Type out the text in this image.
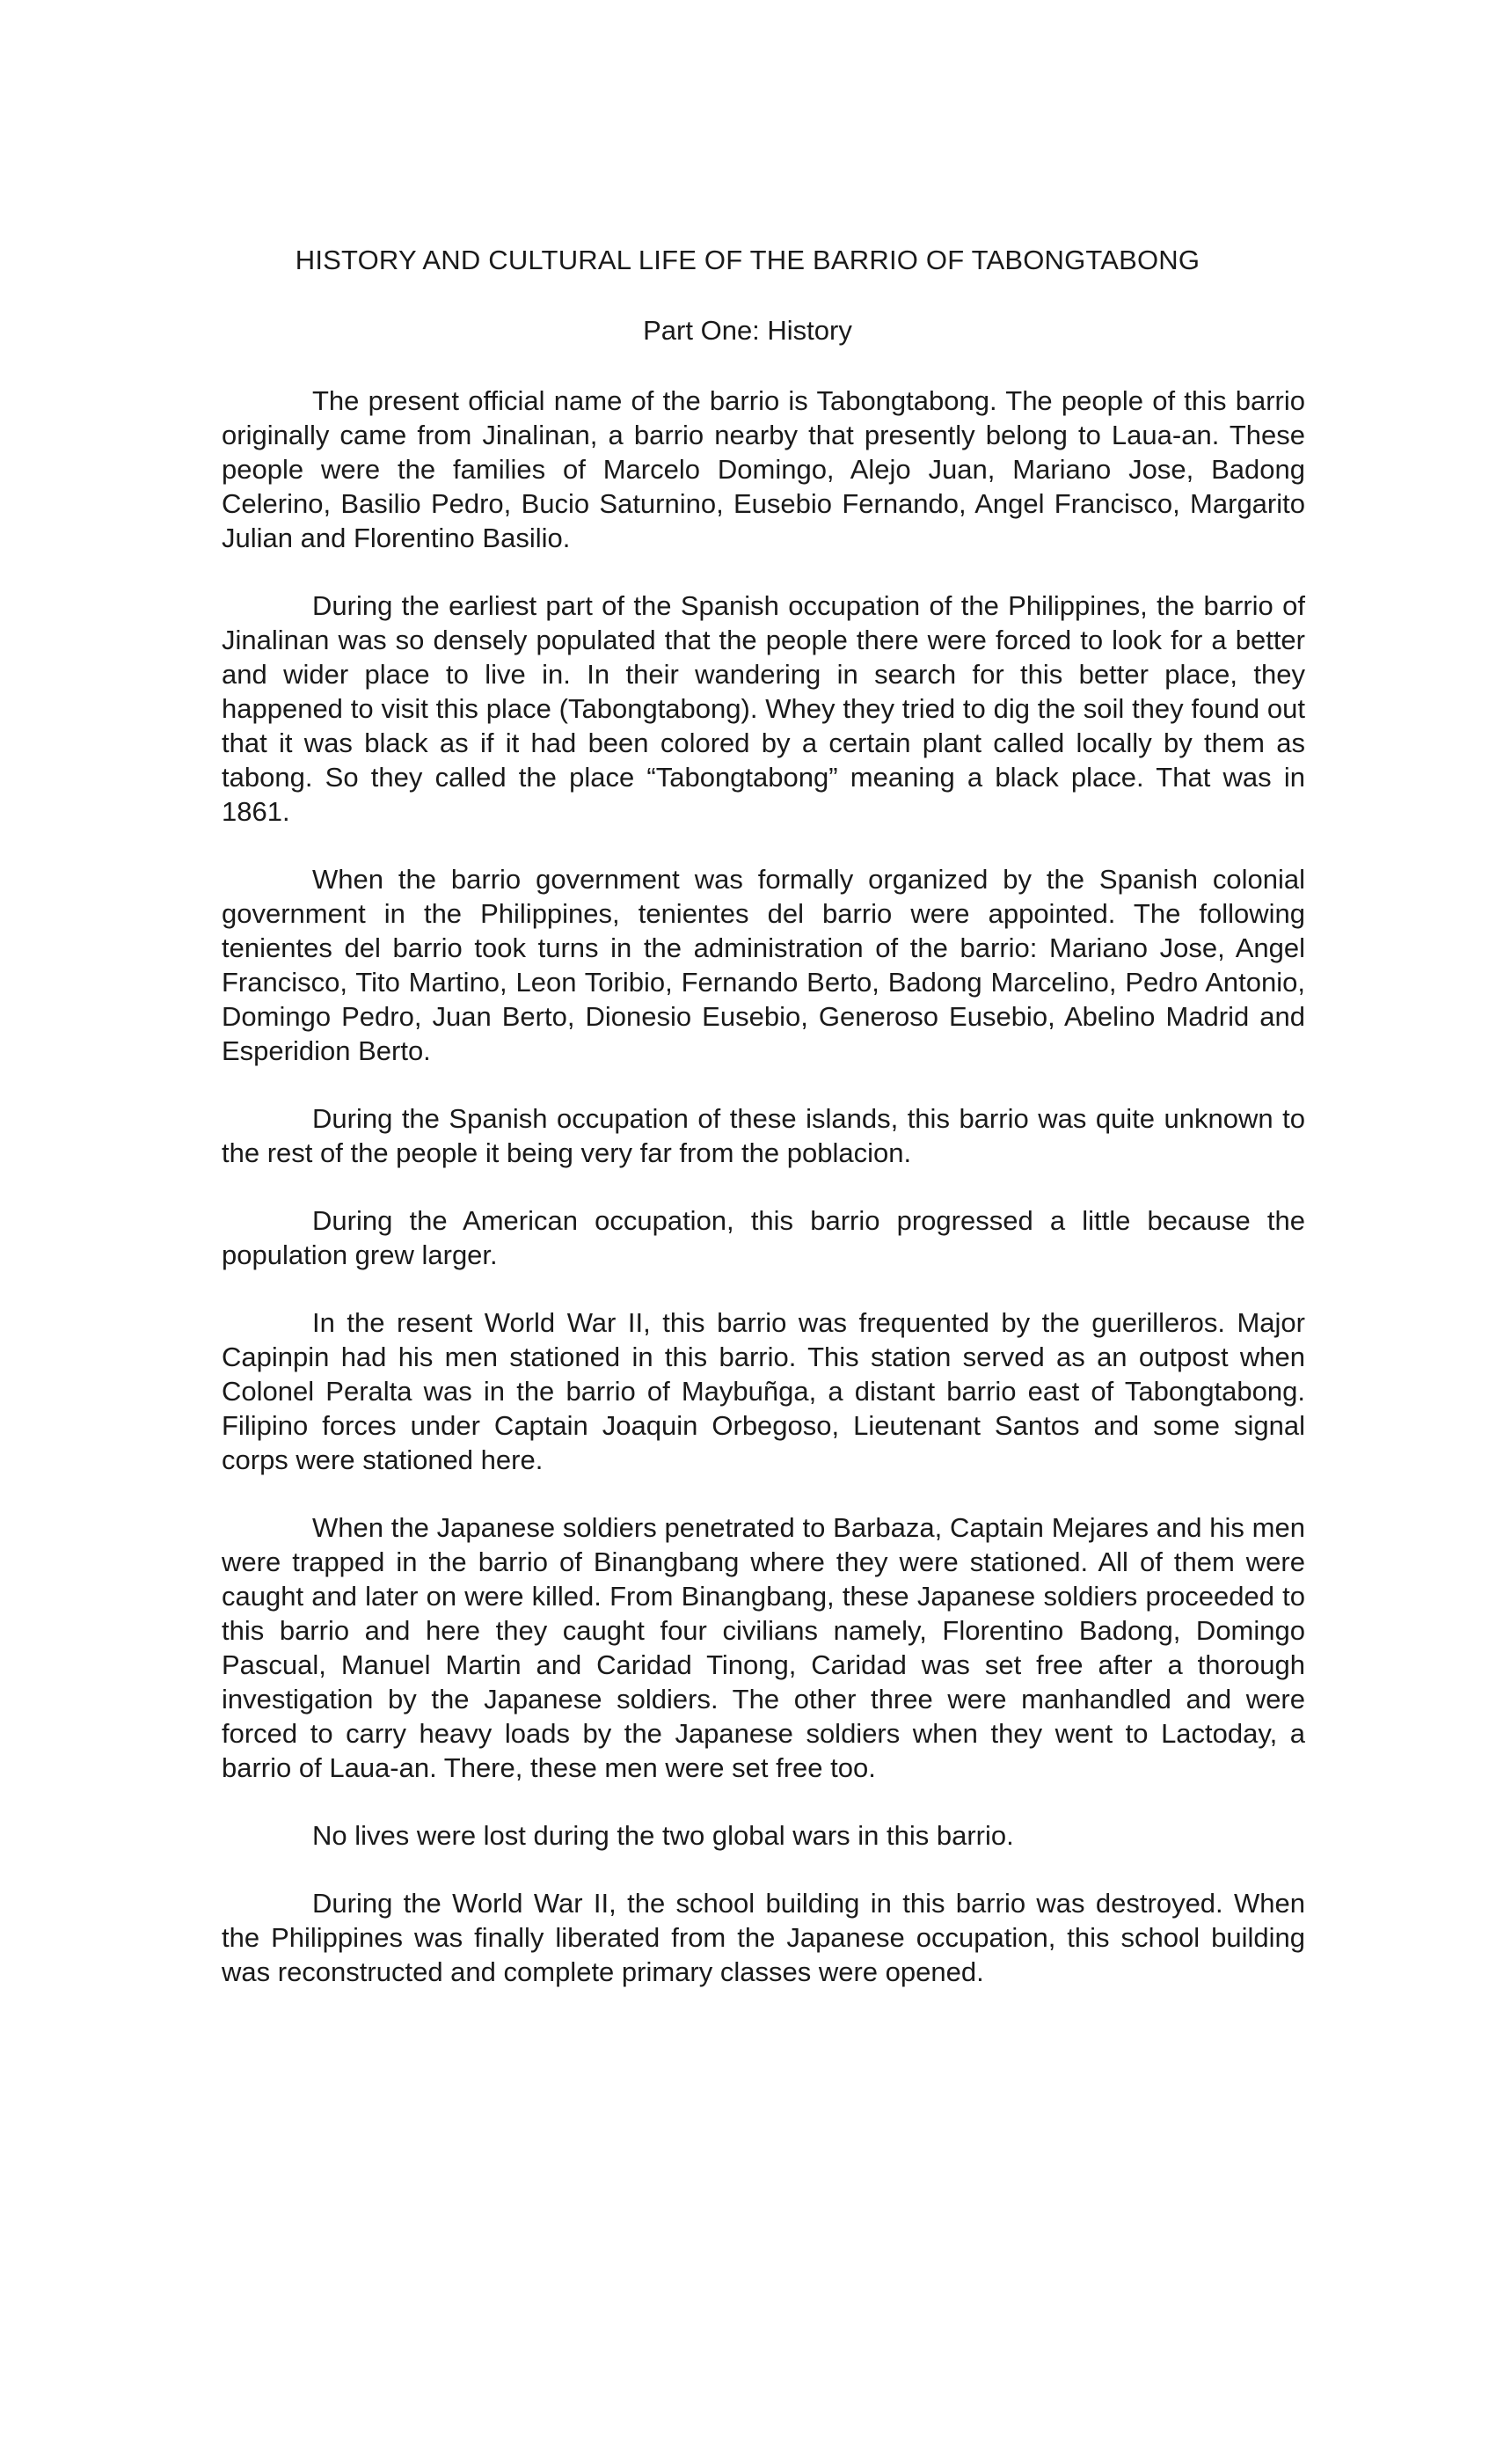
HISTORY AND CULTURAL LIFE OF THE BARRIO OF TABONGTABONG
Part One: History

The present official name of the barrio is Tabongtabong. The people of this barrio originally came from Jinalinan, a barrio nearby that presently belong to Laua-an. These people were the families of Marcelo Domingo, Alejo Juan, Mariano Jose, Badong Celerino, Basilio Pedro, Bucio Saturnino, Eusebio Fernando, Angel Francisco, Margarito Julian and Florentino Basilio.

During the earliest part of the Spanish occupation of the Philippines, the barrio of Jinalinan was so densely populated that the people there were forced to look for a better and wider place to live in. In their wandering in search for this better place, they happened to visit this place (Tabongtabong). Whey they tried to dig the soil they found out that it was black as if it had been colored by a certain plant called locally by them as tabong. So they called the place “Tabongtabong” meaning a black place. That was in 1861.

When the barrio government was formally organized by the Spanish colonial government in the Philippines, tenientes del barrio were appointed. The following tenientes del barrio took turns in the administration of the barrio: Mariano Jose, Angel Francisco, Tito Martino, Leon Toribio, Fernando Berto, Badong Marcelino, Pedro Antonio, Domingo Pedro, Juan Berto, Dionesio Eusebio, Generoso Eusebio, Abelino Madrid and Esperidion Berto.

During the Spanish occupation of these islands, this barrio was quite unknown to the rest of the people it being very far from the poblacion.

During the American occupation, this barrio progressed a little because the population grew larger.

In the resent World War II, this barrio was frequented by the guerilleros. Major Capinpin had his men stationed in this barrio. This station served as an outpost when Colonel Peralta was in the barrio of Maybuñga, a distant barrio east of Tabongtabong. Filipino forces under Captain Joaquin Orbegoso, Lieutenant Santos and some signal corps were stationed here.

When the Japanese soldiers penetrated to Barbaza, Captain Mejares and his men were trapped in the barrio of Binangbang where they were stationed. All of them were caught and later on were killed. From Binangbang, these Japanese soldiers proceeded to this barrio and here they caught four civilians namely, Florentino Badong, Domingo Pascual, Manuel Martin and Caridad Tinong, Caridad was set free after a thorough investigation by the Japanese soldiers. The other three were manhandled and were forced to carry heavy loads by the Japanese soldiers when they went to Lactoday, a barrio of Laua-an. There, these men were set free too.

No lives were lost during the two global wars in this barrio.

During the World War II, the school building in this barrio was destroyed. When the Philippines was finally liberated from the Japanese occupation, this school building was reconstructed and complete primary classes were opened.
